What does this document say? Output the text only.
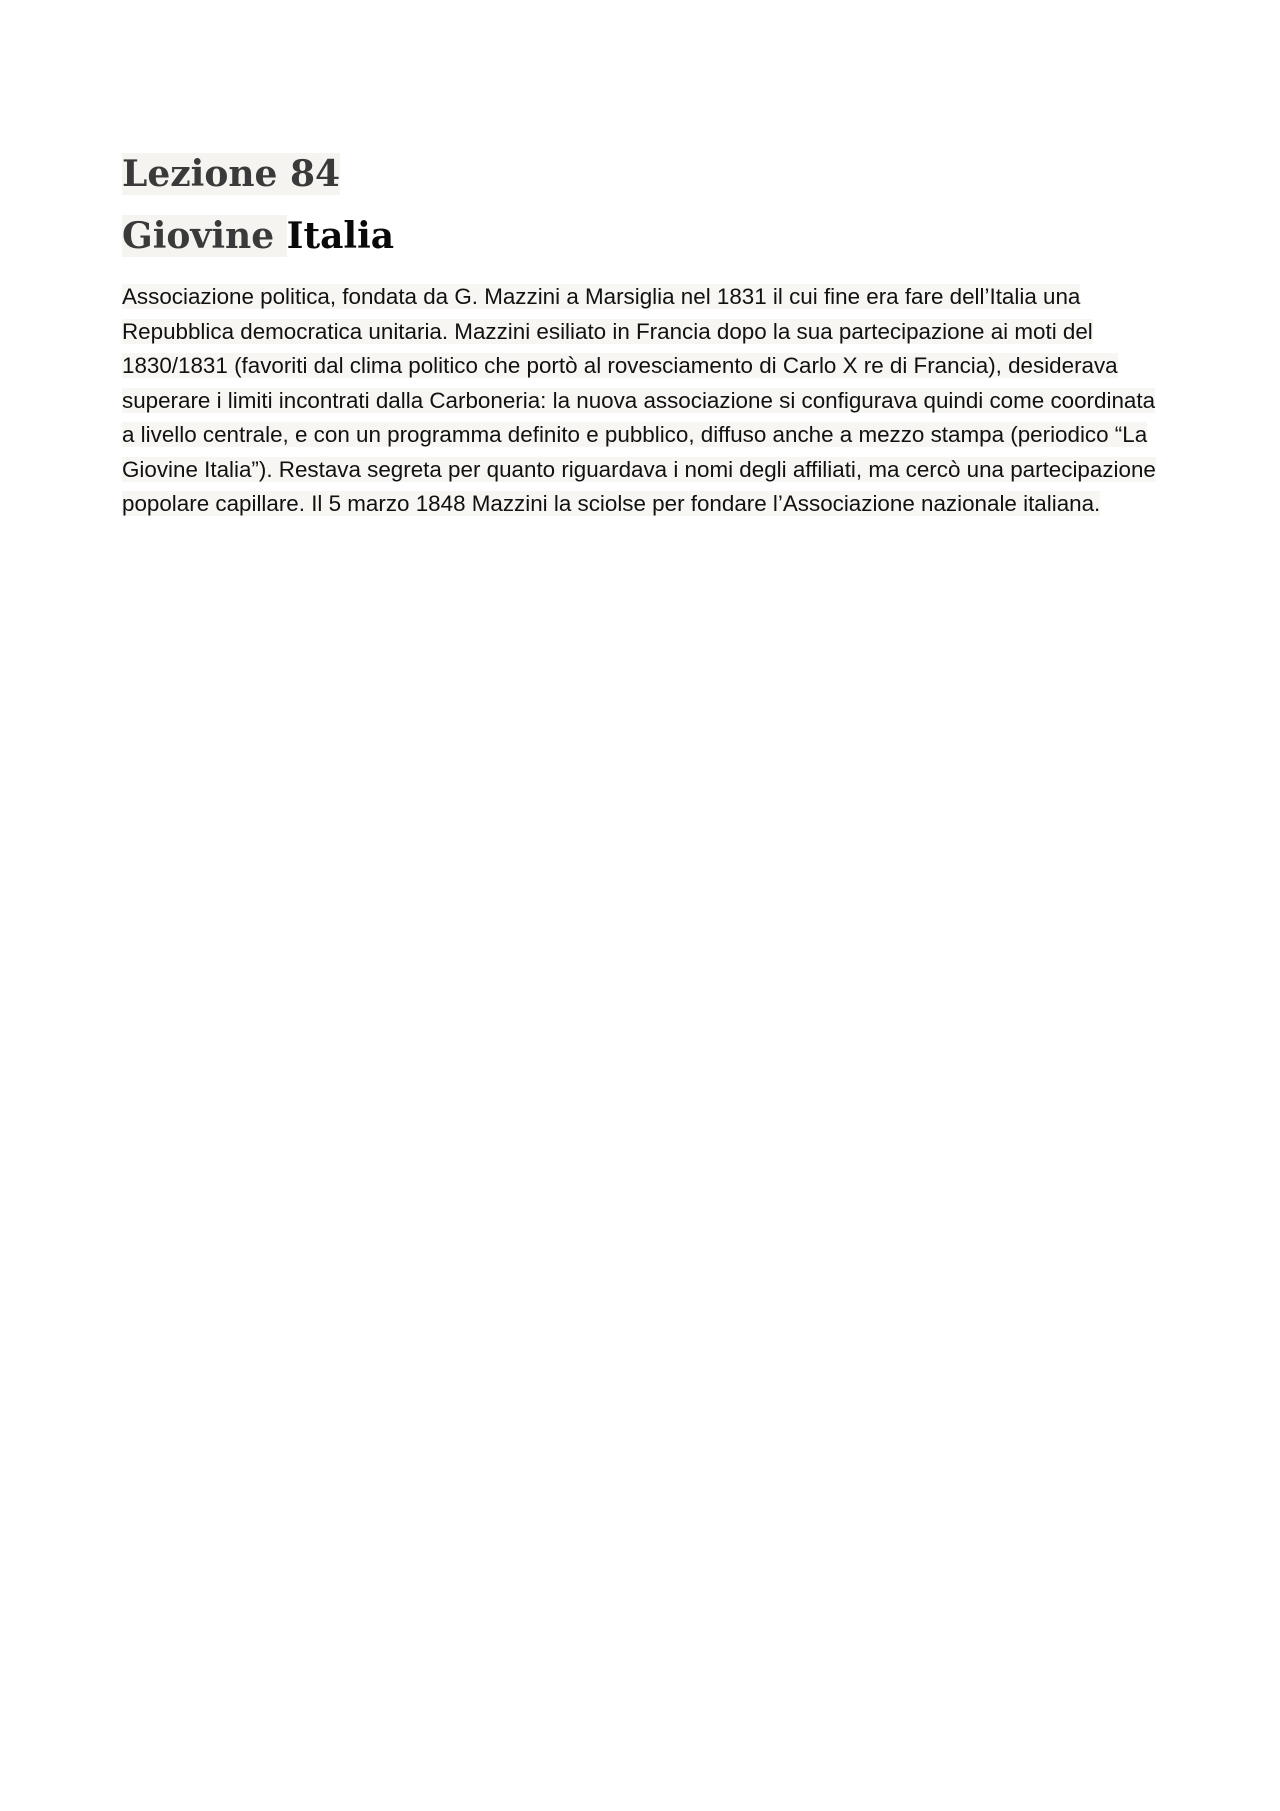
Lezione 84
Giovine Italia

Associazione politica, fondata da G. Mazzini a Marsiglia nel 1831 il cui fine era fare dell’Italia una Repubblica democratica unitaria. Mazzini esiliato in Francia dopo la sua partecipazione ai moti del 1830/1831 (favoriti dal clima politico che portò al rovesciamento di Carlo X re di Francia), desiderava superare i limiti incontrati dalla Carboneria: la nuova associazione si configurava quindi come coordinata a livello centrale, e con un programma definito e pubblico, diffuso anche a mezzo stampa (periodico “La Giovine Italia”). Restava segreta per quanto riguardava i nomi degli affiliati, ma cercò una partecipazione popolare capillare. Il 5 marzo 1848 Mazzini la sciolse per fondare l’Associazione nazionale italiana.
